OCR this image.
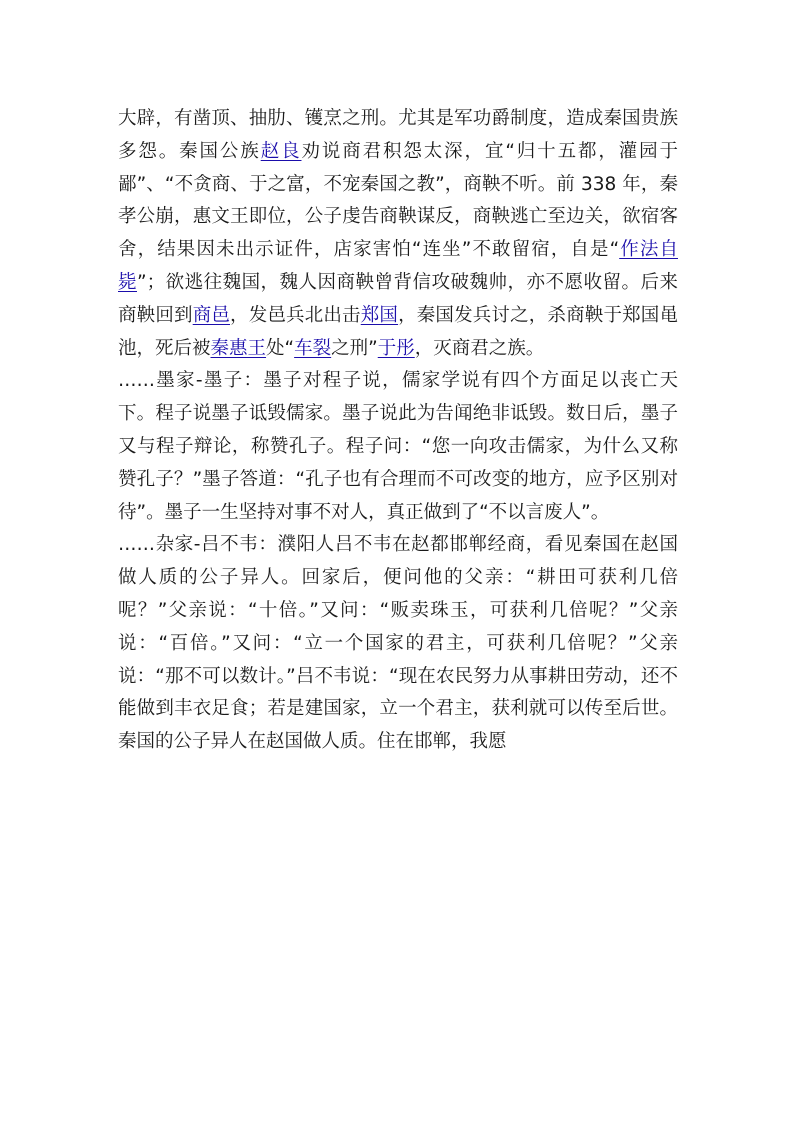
大辟，有凿顶、抽肋、镬烹之刑。尤其是军功爵制度，造成秦国贵族多怨。秦国公族赵良劝说商君积怨太深，宜“归十五都，灌园于鄙”、“不贪商、于之富，不宠秦国之教”，商鞅不听。前 338 年，秦孝公崩，惠文王即位，公子虔告商鞅谋反，商鞅逃亡至边关，欲宿客舍，结果因未出示证件，店家害怕“连坐”不敢留宿，自是“作法自毙”；欲逃往魏国，魏人因商鞅曾背信攻破魏帅，亦不愿收留。后来商鞅回到商邑，发邑兵北出击郑国，秦国发兵讨之，杀商鞅于郑国黾池，死后被秦惠王处“车裂之刑”于彤，灭商君之族。

……墨家-墨子：墨子对程子说，儒家学说有四个方面足以丧亡天下。程子说墨子诋毁儒家。墨子说此为告闻绝非诋毁。数日后，墨子又与程子辩论，称赞孔子。程子问：“您一向攻击儒家，为什么又称赞孔子？”墨子答道：“孔子也有合理而不可改变的地方，应予区别对待”。墨子一生坚持对事不对人，真正做到了“不以言废人”。

……杂家-吕不韦：濮阳人吕不韦在赵都邯郸经商，看见秦国在赵国做人质的公子异人。回家后，便问他的父亲：“耕田可获利几倍呢？”父亲说：“十倍。”又问：“贩卖珠玉，可获利几倍呢？”父亲说：“百倍。”又问：“立一个国家的君主，可获利几倍呢？”父亲说：“那不可以数计。”吕不韦说：“现在农民努力从事耕田劳动，还不能做到丰衣足食；若是建国家，立一个君主，获利就可以传至后世。秦国的公子异人在赵国做人质。住在邯郸，我愿
